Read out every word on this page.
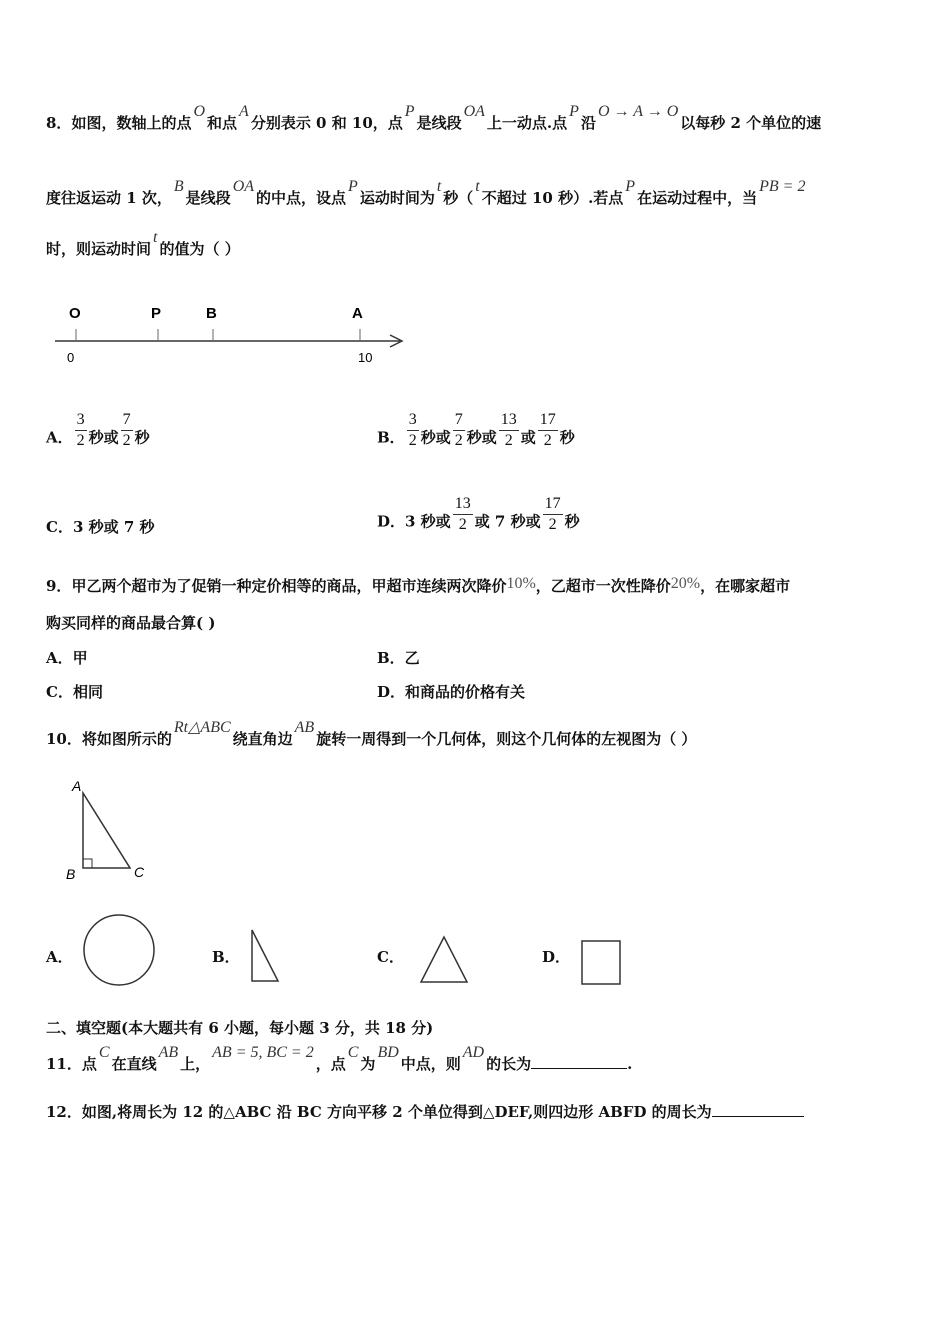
8．如图，数轴上的点O和点A分别表示 0 和 10，点P是线段OA上一动点.点P沿O → A → O以每秒 2 个单位的速
度往返运动 1 次，B是线段OA的中点，设点P运动时间为t秒（t不超过 10 秒）.若点P在运动过程中，当PB = 2
时，则运动时间t的值为（ ）
O	P	B	A
0	10
A． $\frac{3}{2}$ 秒或 $\frac{7}{2}$ 秒	B． $\frac{3}{2}$ 秒或 $\frac{7}{2}$ 秒或 $\frac{13}{2}$ 或 $\frac{17}{2}$ 秒
C．3 秒或 7 秒	D．3 秒或 $\frac{13}{2}$ 或 7 秒或 $\frac{17}{2}$ 秒
9．甲乙两个超市为了促销一种定价相等的商品，甲超市连续两次降价10%，乙超市一次性降价20%，在哪家超市
购买同样的商品最合算( )
A．甲	B．乙
C．相同	D．和商品的价格有关
10．将如图所示的Rt△ABC绕直角边AB旋转一周得到一个几何体，则这个几何体的左视图为（ ）
A
B	C
A．	B．	C．	D．
二、填空题(本大题共有 6 小题，每小题 3 分，共 18 分)
11．点C在直线AB上，AB = 5, BC = 2，点C为BD中点，则AD的长为	.
12．如图,将周长为 12 的△ABC 沿 BC 方向平移 2 个单位得到△DEF,则四边形 ABFD 的周长为
